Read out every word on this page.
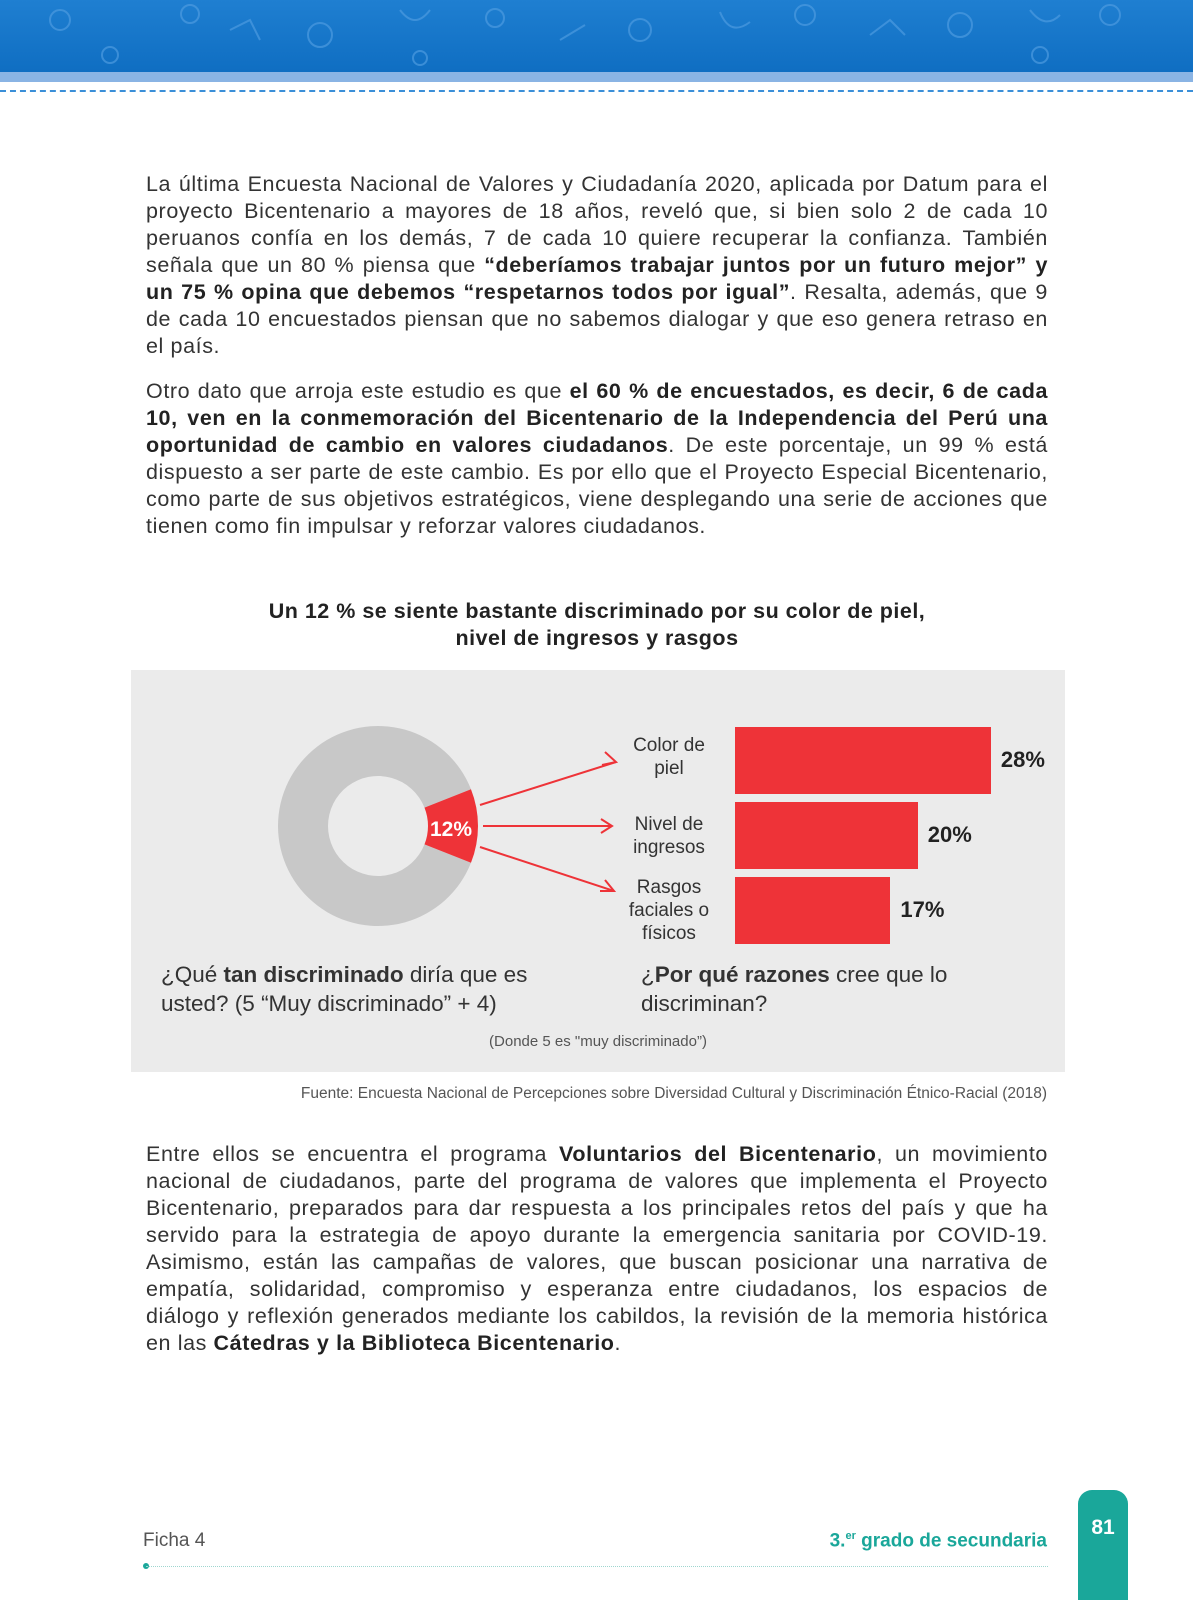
La última Encuesta Nacional de Valores y Ciudadanía 2020, aplicada por Datum para el proyecto Bicentenario a mayores de 18 años, reveló que, si bien solo 2 de cada 10 peruanos confía en los demás, 7 de cada 10 quiere recuperar la confianza. También señala que un 80 % piensa que “deberíamos trabajar juntos por un futuro mejor” y un 75 % opina que debemos “respetarnos todos por igual”. Resalta, además, que 9 de cada 10 encuestados piensan que no sabemos dialogar y que eso genera retraso en el país.

Otro dato que arroja este estudio es que el 60 % de encuestados, es decir, 6 de cada 10, ven en la conmemoración del Bicentenario de la Independencia del Perú una oportunidad de cambio en valores ciudadanos. De este porcentaje, un 99 % está dispuesto a ser parte de este cambio. Es por ello que el Proyecto Especial Bicentenario, como parte de sus objetivos estratégicos, viene desplegando una serie de acciones que tienen como fin impulsar y reforzar valores ciudadanos.

Un 12 % se siente bastante discriminado por su color de piel,
nivel de ingresos y rasgos
12%
Color de
piel
Nivel de
ingresos
Rasgos
faciales o
físicos
28%
20%
17%

¿Qué tan discriminado diría que es
usted? (5 “Muy discriminado” + 4)

¿Por qué razones cree que lo
discriminan?

(Donde 5 es "muy discriminado”)
Fuente: Encuesta Nacional de Percepciones sobre Diversidad Cultural y Discriminación Étnico-Racial (2018)

Entre ellos se encuentra el programa Voluntarios del Bicentenario, un movimiento nacional de ciudadanos, parte del programa de valores que implementa el Proyecto Bicentenario, preparados para dar respuesta a los principales retos del país y que ha servido para la estrategia de apoyo durante la emergencia sanitaria por COVID-19. Asimismo, están las campañas de valores, que buscan posicionar una narrativa de empatía, solidaridad, compromiso y esperanza entre ciudadanos, los espacios de diálogo y reflexión generados mediante los cabildos, la revisión de la memoria histórica en las Cátedras y la Biblioteca Bicentenario.

Ficha 4	3.$^{er}$ grado de secundaria
81
